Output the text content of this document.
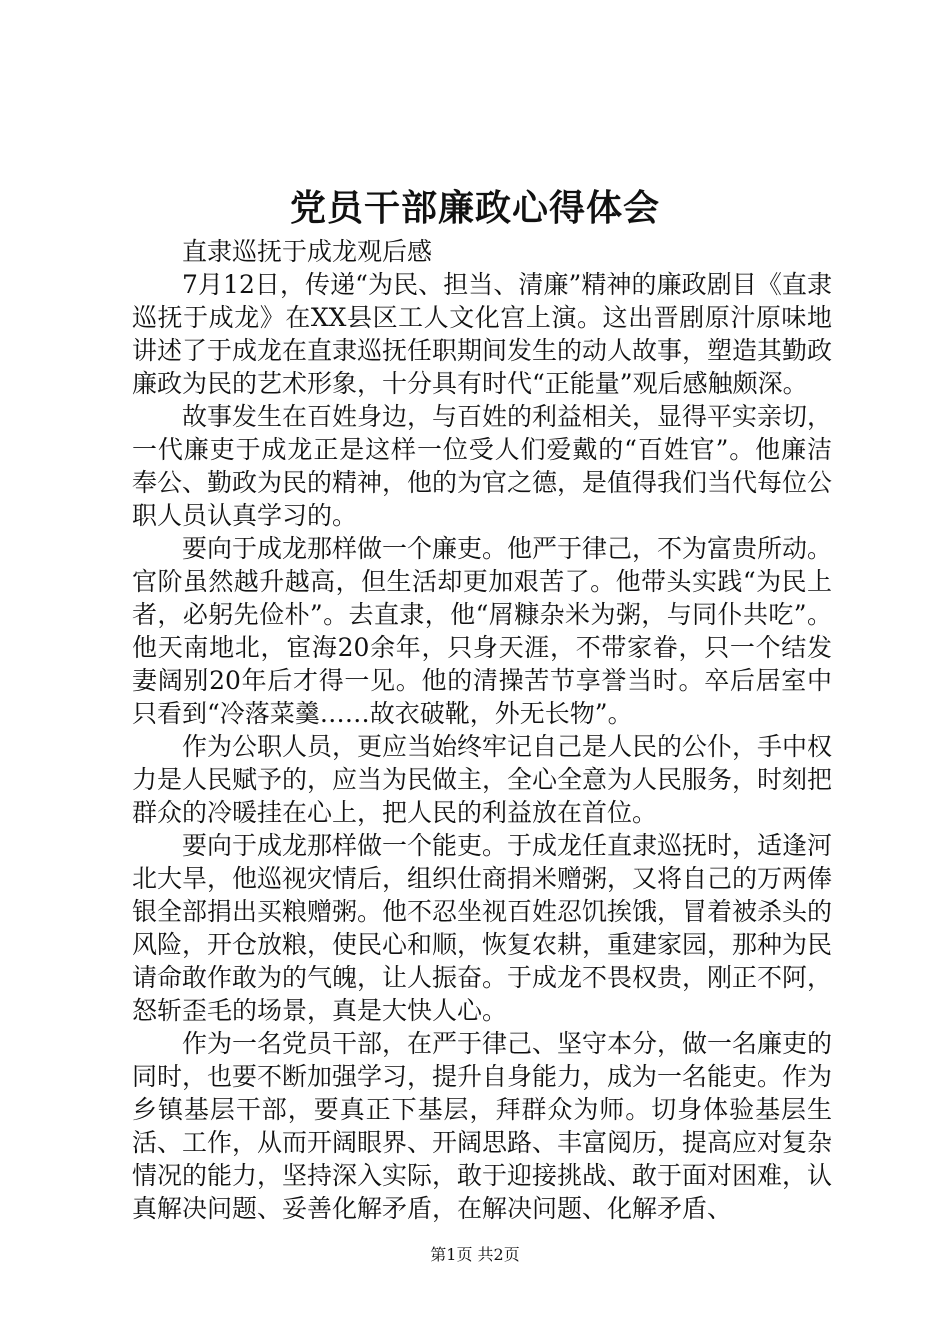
党员干部廉政心得体会

直隶巡抚于成龙观后感

7月12日，传递“为民、担当、清廉”精神的廉政剧目《直隶巡抚于成龙》在XX县区工人文化宫上演。这出晋剧原汁原味地讲述了于成龙在直隶巡抚任职期间发生的动人故事，塑造其勤政廉政为民的艺术形象，十分具有时代“正能量”观后感触颇深。

故事发生在百姓身边，与百姓的利益相关，显得平实亲切，一代廉吏于成龙正是这样一位受人们爱戴的“百姓官”。他廉洁奉公、勤政为民的精神，他的为官之德，是值得我们当代每位公职人员认真学习的。

要向于成龙那样做一个廉吏。他严于律己，不为富贵所动。官阶虽然越升越高，但生活却更加艰苦了。他带头实践“为民上者，必躬先俭朴”。去直隶，他“屑糠杂米为粥，与同仆共吃”。他天南地北，宦海20余年，只身天涯，不带家眷，只一个结发妻阔别20年后才得一见。他的清操苦节享誉当时。卒后居室中只看到“冷落菜羹……故衣破靴，外无长物”。

作为公职人员，更应当始终牢记自己是人民的公仆，手中权力是人民赋予的，应当为民做主，全心全意为人民服务，时刻把群众的冷暖挂在心上，把人民的利益放在首位。

要向于成龙那样做一个能吏。于成龙任直隶巡抚时，适逢河北大旱，他巡视灾情后，组织仕商捐米赠粥，又将自己的万两俸银全部捐出买粮赠粥。他不忍坐视百姓忍饥挨饿，冒着被杀头的风险，开仓放粮，使民心和顺，恢复农耕，重建家园，那种为民请命敢作敢为的气魄，让人振奋。于成龙不畏权贵，刚正不阿，怒斩歪毛的场景，真是大快人心。

作为一名党员干部，在严于律己、坚守本分，做一名廉吏的同时，也要不断加强学习，提升自身能力，成为一名能吏。作为乡镇基层干部，要真正下基层，拜群众为师。切身体验基层生活、工作，从而开阔眼界、开阔思路、丰富阅历，提高应对复杂情况的能力，坚持深入实际，敢于迎接挑战、敢于面对困难，认真解决问题、妥善化解矛盾，在解决问题、化解矛盾、

第1页 共2页
